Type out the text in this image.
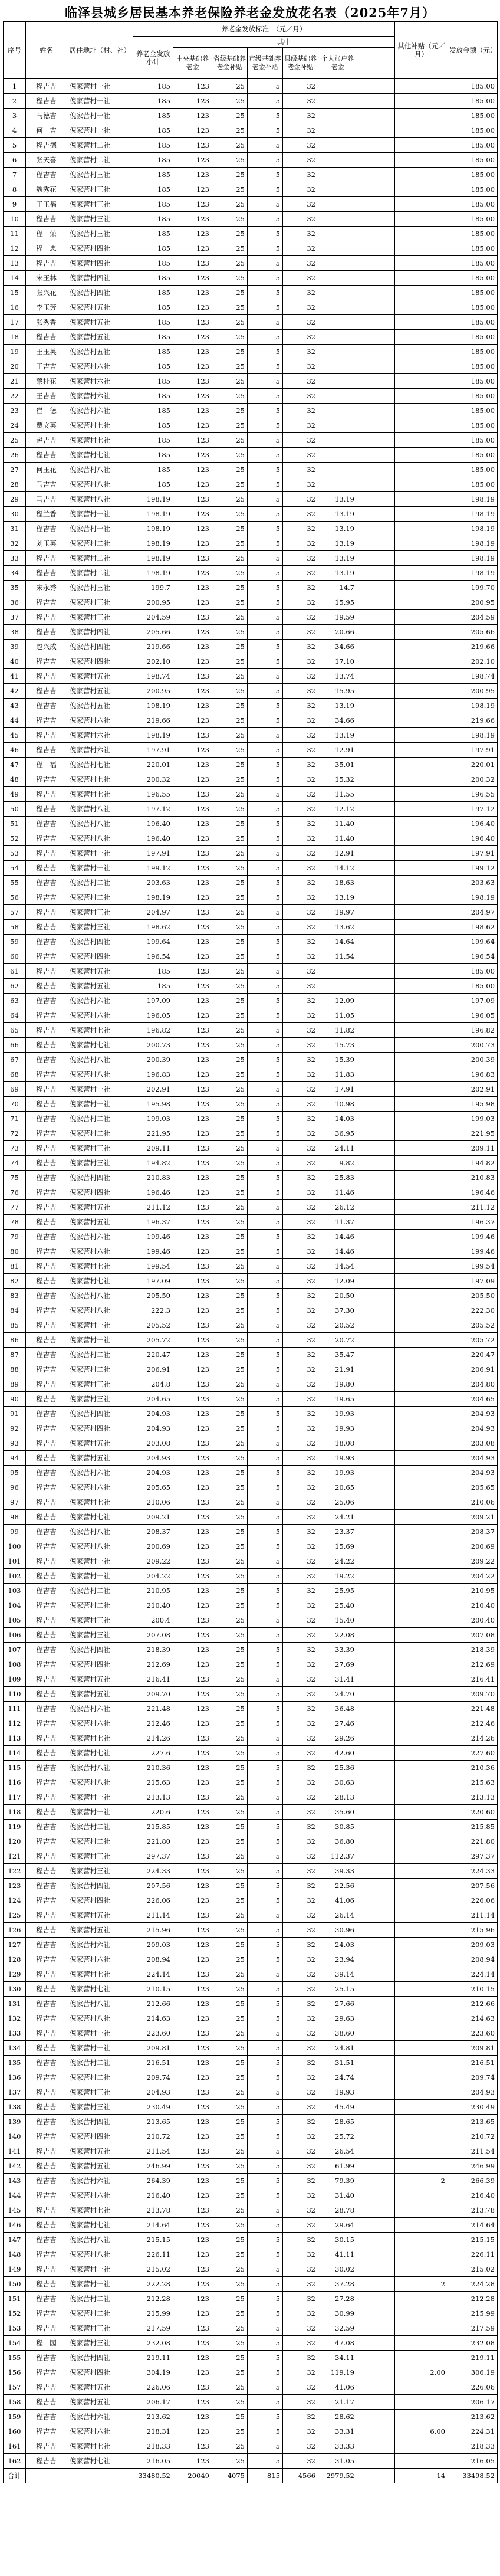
临泽县城乡居民基本养老保险养老金发放花名表（2025年7月）
序号	姓名	居住地址（村、社）	养老金发放标准　（元／月）							其他补贴（元／月）	发放金额（元）
			养老金发放小计	其中							
				中央基础养老金	省级基础养老金补贴	市级基础养老金补贴	县级基础养老金补贴	个人账户养老金			
1	程吉吉	倪家营村一社	185	123	25	5	32				185.00
2	程吉吉	倪家营村一社	185	123	25	5	32				185.00
3	马德吉	倪家营村一社	185	123	25	5	32				185.00
4	何　吉	倪家营村一社	185	123	25	5	32				185.00
5	程吉德	倪家营村二社	185	123	25	5	32				185.00
6	张天喜	倪家营村二社	185	123	25	5	32				185.00
7	程吉吉	倪家营村三社	185	123	25	5	32				185.00
8	魏秀花	倪家营村三社	185	123	25	5	32				185.00
9	王玉福	倪家营村三社	185	123	25	5	32				185.00
10	程吉吉	倪家营村三社	185	123	25	5	32				185.00
11	程　荣	倪家营村三社	185	123	25	5	32				185.00
12	程　忠	倪家营村四社	185	123	25	5	32				185.00
13	程吉吉	倪家营村四社	185	123	25	5	32				185.00
14	宋玉林	倪家营村四社	185	123	25	5	32				185.00
15	张兴花	倪家营村四社	185	123	25	5	32				185.00
16	李玉芳	倪家营村五社	185	123	25	5	32				185.00
17	张秀香	倪家营村五社	185	123	25	5	32				185.00
18	程吉吉	倪家营村五社	185	123	25	5	32				185.00
19	王玉英	倪家营村五社	185	123	25	5	32				185.00
20	王吉吉	倪家营村六社	185	123	25	5	32				185.00
21	蔡桂花	倪家营村六社	185	123	25	5	32				185.00
22	王吉吉	倪家营村六社	185	123	25	5	32				185.00
23	崔　德	倪家营村六社	185	123	25	5	32				185.00
24	贾文英	倪家营村七社	185	123	25	5	32				185.00
25	赵吉吉	倪家营村七社	185	123	25	5	32				185.00
26	程吉吉	倪家营村七社	185	123	25	5	32				185.00
27	何玉花	倪家营村八社	185	123	25	5	32				185.00
28	马吉吉	倪家营村八社	185	123	25	5	32				185.00
29	马吉吉	倪家营村八社	198.19	123	25	5	32	13.19			198.19
30	程兰香	倪家营村一社	198.19	123	25	5	32	13.19			198.19
31	程吉吉	倪家营村一社	198.19	123	25	5	32	13.19			198.19
32	刘玉英	倪家营村二社	198.19	123	25	5	32	13.19			198.19
33	程吉吉	倪家营村二社	198.19	123	25	5	32	13.19			198.19
34	程吉吉	倪家营村二社	198.19	123	25	5	32	13.19			198.19
35	宋永秀	倪家营村三社	199.7	123	25	5	32	14.7			199.70
36	程吉吉	倪家营村三社	200.95	123	25	5	32	15.95			200.95
37	程吉吉	倪家营村三社	204.59	123	25	5	32	19.59			204.59
38	程吉吉	倪家营村四社	205.66	123	25	5	32	20.66			205.66
39	赵兴成	倪家营村四社	219.66	123	25	5	32	34.66			219.66
40	程吉吉	倪家营村四社	202.10	123	25	5	32	17.10			202.10
41	程吉吉	倪家营村五社	198.74	123	25	5	32	13.74			198.74
42	程吉吉	倪家营村五社	200.95	123	25	5	32	15.95			200.95
43	程吉吉	倪家营村五社	198.19	123	25	5	32	13.19			198.19
44	程吉吉	倪家营村六社	219.66	123	25	5	32	34.66			219.66
45	程吉吉	倪家营村六社	198.19	123	25	5	32	13.19			198.19
46	程吉吉	倪家营村六社	197.91	123	25	5	32	12.91			197.91
47	程　福	倪家营村七社	220.01	123	25	5	32	35.01			220.01
48	程吉吉	倪家营村七社	200.32	123	25	5	32	15.32			200.32
49	程吉吉	倪家营村七社	196.55	123	25	5	32	11.55			196.55
50	程吉吉	倪家营村八社	197.12	123	25	5	32	12.12			197.12
51	程吉吉	倪家营村八社	196.40	123	25	5	32	11.40			196.40
52	程吉吉	倪家营村八社	196.40	123	25	5	32	11.40			196.40
53	程吉吉	倪家营村一社	197.91	123	25	5	32	12.91			197.91
54	程吉吉	倪家营村一社	199.12	123	25	5	32	14.12			199.12
55	程吉吉	倪家营村二社	203.63	123	25	5	32	18.63			203.63
56	程吉吉	倪家营村二社	198.19	123	25	5	32	13.19			198.19
57	程吉吉	倪家营村三社	204.97	123	25	5	32	19.97			204.97
58	程吉吉	倪家营村三社	198.62	123	25	5	32	13.62			198.62
59	程吉吉	倪家营村四社	199.64	123	25	5	32	14.64			199.64
60	程吉吉	倪家营村四社	196.54	123	25	5	32	11.54			196.54
61	程吉吉	倪家营村五社	185	123	25	5	32				185.00
62	程吉吉	倪家营村五社	185	123	25	5	32				185.00
63	程吉吉	倪家营村六社	197.09	123	25	5	32	12.09			197.09
64	程吉吉	倪家营村六社	196.05	123	25	5	32	11.05			196.05
65	程吉吉	倪家营村七社	196.82	123	25	5	32	11.82			196.82
66	程吉吉	倪家营村七社	200.73	123	25	5	32	15.73			200.73
67	程吉吉	倪家营村八社	200.39	123	25	5	32	15.39			200.39
68	程吉吉	倪家营村八社	196.83	123	25	5	32	11.83			196.83
69	程吉吉	倪家营村一社	202.91	123	25	5	32	17.91			202.91
70	程吉吉	倪家营村一社	195.98	123	25	5	32	10.98			195.98
71	程吉吉	倪家营村二社	199.03	123	25	5	32	14.03			199.03
72	程吉吉	倪家营村二社	221.95	123	25	5	32	36.95			221.95
73	程吉吉	倪家营村三社	209.11	123	25	5	32	24.11			209.11
74	程吉吉	倪家营村三社	194.82	123	25	5	32	9.82			194.82
75	程吉吉	倪家营村四社	210.83	123	25	5	32	25.83			210.83
76	程吉吉	倪家营村四社	196.46	123	25	5	32	11.46			196.46
77	程吉吉	倪家营村五社	211.12	123	25	5	32	26.12			211.12
78	程吉吉	倪家营村五社	196.37	123	25	5	32	11.37			196.37
79	程吉吉	倪家营村六社	199.46	123	25	5	32	14.46			199.46
80	程吉吉	倪家营村六社	199.46	123	25	5	32	14.46			199.46
81	程吉吉	倪家营村七社	199.54	123	25	5	32	14.54			199.54
82	程吉吉	倪家营村七社	197.09	123	25	5	32	12.09			197.09
83	程吉吉	倪家营村八社	205.50	123	25	5	32	20.50			205.50
84	程吉吉	倪家营村八社	222.3	123	25	5	32	37.30			222.30
85	程吉吉	倪家营村一社	205.52	123	25	5	32	20.52			205.52
86	程吉吉	倪家营村一社	205.72	123	25	5	32	20.72			205.72
87	程吉吉	倪家营村二社	220.47	123	25	5	32	35.47			220.47
88	程吉吉	倪家营村二社	206.91	123	25	5	32	21.91			206.91
89	程吉吉	倪家营村三社	204.8	123	25	5	32	19.80			204.80
90	程吉吉	倪家营村三社	204.65	123	25	5	32	19.65			204.65
91	程吉吉	倪家营村四社	204.93	123	25	5	32	19.93			204.93
92	程吉吉	倪家营村四社	204.93	123	25	5	32	19.93			204.93
93	程吉吉	倪家营村五社	203.08	123	25	5	32	18.08			203.08
94	程吉吉	倪家营村五社	204.93	123	25	5	32	19.93			204.93
95	程吉吉	倪家营村六社	204.93	123	25	5	32	19.93			204.93
96	程吉吉	倪家营村六社	205.65	123	25	5	32	20.65			205.65
97	程吉吉	倪家营村七社	210.06	123	25	5	32	25.06			210.06
98	程吉吉	倪家营村七社	209.21	123	25	5	32	24.21			209.21
99	程吉吉	倪家营村八社	208.37	123	25	5	32	23.37			208.37
100	程吉吉	倪家营村八社	200.69	123	25	5	32	15.69			200.69
101	程吉吉	倪家营村一社	209.22	123	25	5	32	24.22			209.22
102	程吉吉	倪家营村一社	204.22	123	25	5	32	19.22			204.22
103	程吉吉	倪家营村二社	210.95	123	25	5	32	25.95			210.95
104	程吉吉	倪家营村二社	210.40	123	25	5	32	25.40			210.40
105	程吉吉	倪家营村三社	200.4	123	25	5	32	15.40			200.40
106	程吉吉	倪家营村三社	207.08	123	25	5	32	22.08			207.08
107	程吉吉	倪家营村四社	218.39	123	25	5	32	33.39			218.39
108	程吉吉	倪家营村四社	212.69	123	25	5	32	27.69			212.69
109	程吉吉	倪家营村五社	216.41	123	25	5	32	31.41			216.41
110	程吉吉	倪家营村五社	209.70	123	25	5	32	24.70			209.70
111	程吉吉	倪家营村六社	221.48	123	25	5	32	36.48			221.48
112	程吉吉	倪家营村六社	212.46	123	25	5	32	27.46			212.46
113	程吉吉	倪家营村七社	214.26	123	25	5	32	29.26			214.26
114	程吉吉	倪家营村七社	227.6	123	25	5	32	42.60			227.60
115	程吉吉	倪家营村八社	210.36	123	25	5	32	25.36			210.36
116	程吉吉	倪家营村八社	215.63	123	25	5	32	30.63			215.63
117	程吉吉	倪家营村一社	213.13	123	25	5	32	28.13			213.13
118	程吉吉	倪家营村一社	220.6	123	25	5	32	35.60			220.60
119	程吉吉	倪家营村二社	215.85	123	25	5	32	30.85			215.85
120	程吉吉	倪家营村二社	221.80	123	25	5	32	36.80			221.80
121	程吉吉	倪家营村三社	297.37	123	25	5	32	112.37			297.37
122	程吉吉	倪家营村三社	224.33	123	25	5	32	39.33			224.33
123	程吉吉	倪家营村四社	207.56	123	25	5	32	22.56			207.56
124	程吉吉	倪家营村四社	226.06	123	25	5	32	41.06			226.06
125	程吉吉	倪家营村五社	211.14	123	25	5	32	26.14			211.14
126	程吉吉	倪家营村五社	215.96	123	25	5	32	30.96			215.96
127	程吉吉	倪家营村六社	209.03	123	25	5	32	24.03			209.03
128	程吉吉	倪家营村六社	208.94	123	25	5	32	23.94			208.94
129	程吉吉	倪家营村七社	224.14	123	25	5	32	39.14			224.14
130	程吉吉	倪家营村七社	210.15	123	25	5	32	25.15			210.15
131	程吉吉	倪家营村八社	212.66	123	25	5	32	27.66			212.66
132	程吉吉	倪家营村八社	214.63	123	25	5	32	29.63			214.63
133	程吉吉	倪家营村一社	223.60	123	25	5	32	38.60			223.60
134	程吉吉	倪家营村一社	209.81	123	25	5	32	24.81			209.81
135	程吉吉	倪家营村二社	216.51	123	25	5	32	31.51			216.51
136	程吉吉	倪家营村二社	209.74	123	25	5	32	24.74			209.74
137	程吉吉	倪家营村三社	204.93	123	25	5	32	19.93			204.93
138	程吉吉	倪家营村三社	230.49	123	25	5	32	45.49			230.49
139	程吉吉	倪家营村四社	213.65	123	25	5	32	28.65			213.65
140	程吉吉	倪家营村四社	210.72	123	25	5	32	25.72			210.72
141	程吉吉	倪家营村五社	211.54	123	25	5	32	26.54			211.54
142	程吉吉	倪家营村五社	246.99	123	25	5	32	61.99			246.99
143	程吉吉	倪家营村六社	264.39	123	25	5	32	79.39		2	266.39
144	程吉吉	倪家营村六社	216.40	123	25	5	32	31.40			216.40
145	程吉吉	倪家营村七社	213.78	123	25	5	32	28.78			213.78
146	程吉吉	倪家营村七社	214.64	123	25	5	32	29.64			214.64
147	程吉吉	倪家营村八社	215.15	123	25	5	32	30.15			215.15
148	程吉吉	倪家营村八社	226.11	123	25	5	32	41.11			226.11
149	程吉吉	倪家营村一社	215.02	123	25	5	32	30.02			215.02
150	程吉吉	倪家营村一社	222.28	123	25	5	32	37.28		2	224.28
151	程吉吉	倪家营村二社	212.28	123	25	5	32	27.28			212.28
152	程吉吉	倪家营村二社	215.99	123	25	5	32	30.99			215.99
153	程吉吉	倪家营村三社	217.59	123	25	5	32	32.59			217.59
154	程　园	倪家营村三社	232.08	123	25	5	32	47.08			232.08
155	程吉吉	倪家营村四社	219.11	123	25	5	32	34.11			219.11
156	程吉吉	倪家营村四社	304.19	123	25	5	32	119.19		2.00	306.19
157	程吉吉	倪家营村五社	226.06	123	25	5	32	41.06			226.06
158	程吉吉	倪家营村五社	206.17	123	25	5	32	21.17			206.17
159	程吉吉	倪家营村六社	213.62	123	25	5	32	28.62			213.62
160	程吉吉	倪家营村六社	218.31	123	25	5	32	33.31		6.00	224.31
161	程吉吉	倪家营村七社	218.33	123	25	5	32	33.33			218.33
162	程吉吉	倪家营村七社	216.05	123	25	5	32	31.05			216.05
合计			33480.52	20049	4075	815	4566	2979.52		14	33498.52
